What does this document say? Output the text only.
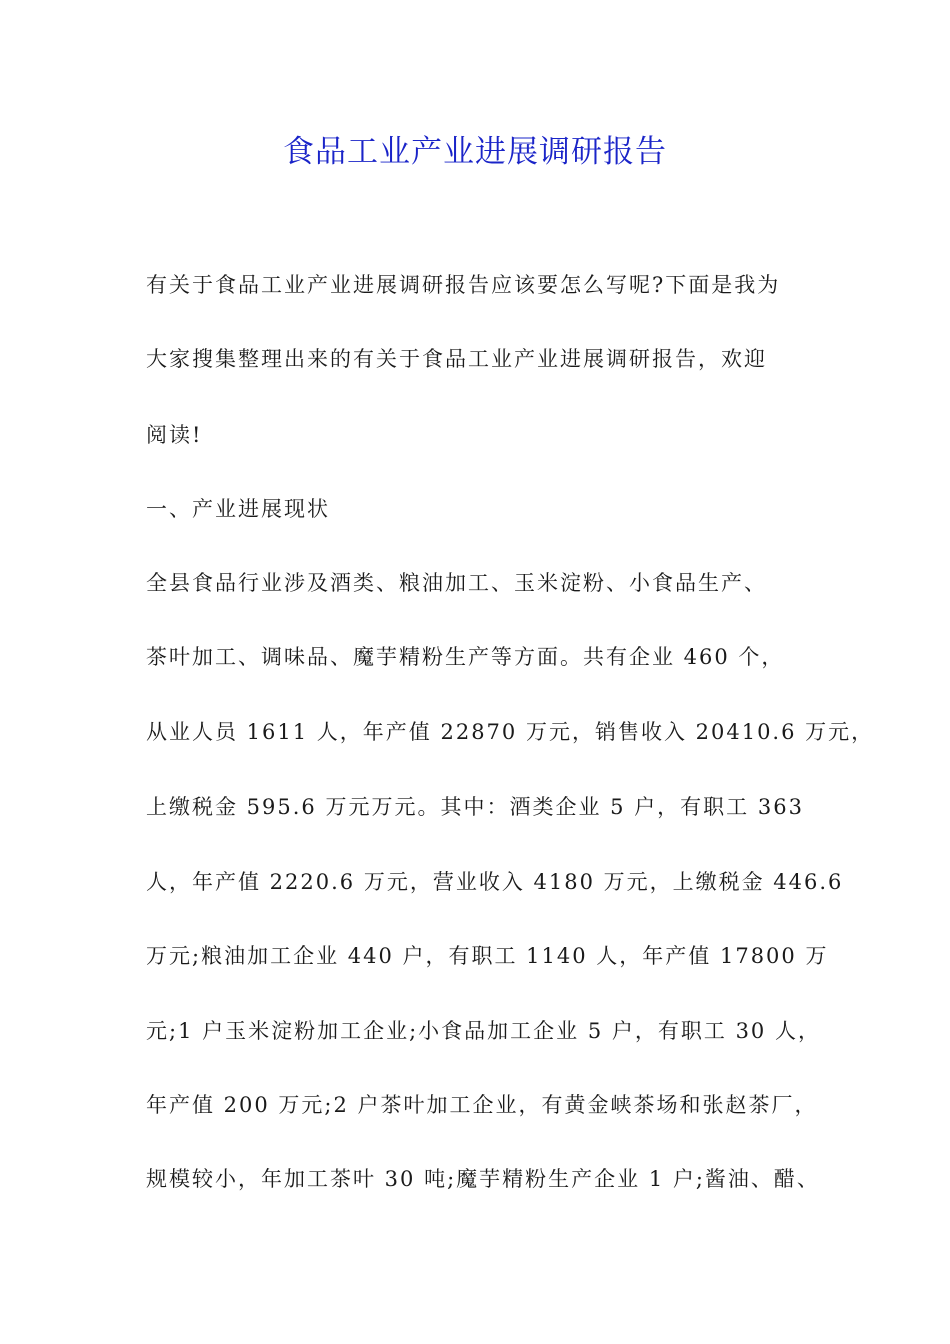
食品工业产业进展调研报告
有关于食品工业产业进展调研报告应该要怎么写呢?下面是我为
大家搜集整理出来的有关于食品工业产业进展调研报告，欢迎
阅读!
一、产业进展现状
全县食品行业涉及酒类、粮油加工、玉米淀粉、小食品生产、
茶叶加工、调味品、魔芋精粉生产等方面。共有企业 460 个，
从业人员 1611 人，年产值 22870 万元，销售收入 20410.6 万元，
上缴税金 595.6 万元万元。其中：酒类企业 5 户，有职工 363
人，年产值 2220.6 万元，营业收入 4180 万元，上缴税金 446.6
万元;粮油加工企业 440 户，有职工 1140 人，年产值 17800 万
元;1 户玉米淀粉加工企业;小食品加工企业 5 户，有职工 30 人，
年产值 200 万元;2 户茶叶加工企业，有黄金峡茶场和张赵茶厂，
规模较小，年加工茶叶 30 吨;魔芋精粉生产企业 1 户;酱油、醋、
